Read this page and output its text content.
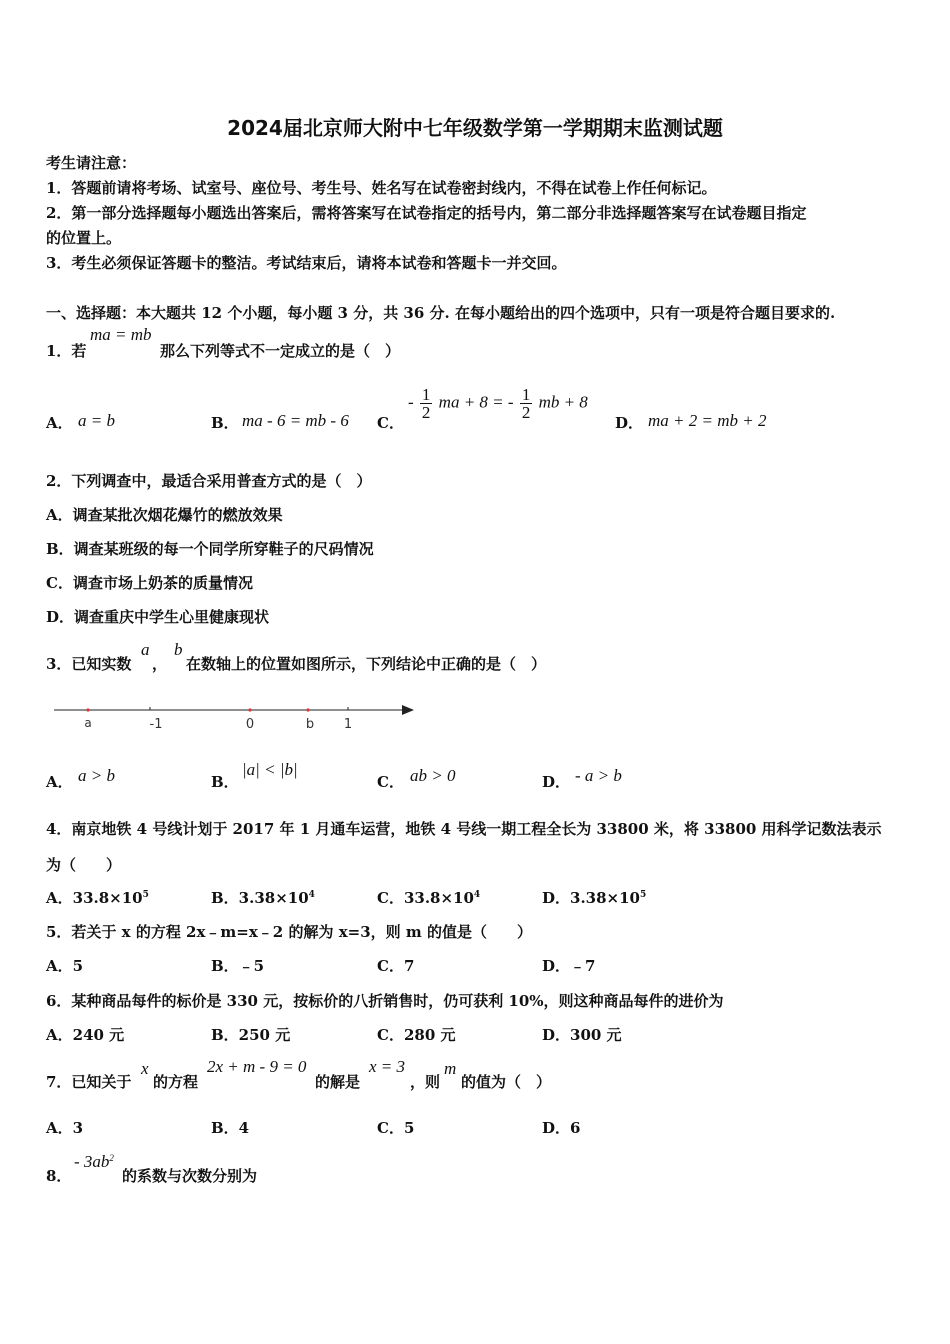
2024届北京师大附中七年级数学第一学期期末监测试题
考生请注意：
1．答题前请将考场、试室号、座位号、考生号、姓名写在试卷密封线内，不得在试卷上作任何标记。
2．第一部分选择题每小题选出答案后，需将答案写在试卷指定的括号内，第二部分非选择题答案写在试卷题目指定
的位置上。
3．考生必须保证答题卡的整洁。考试结束后，请将本试卷和答题卡一并交回。
一、选择题：本大题共 12 个小题，每小题 3 分，共 36 分. 在每小题给出的四个选项中，只有一项是符合题目要求的.
1．若
ma = mb
那么下列等式不一定成立的是（　）
A． a = b	B． ma - 6 = mb - 6 C．
- $\frac{1}{2}$ ma + 8 = - $\frac{1}{2}$ mb + 8
D． ma + 2 = mb + 2
2．下列调查中，最适合采用普查方式的是（　）
A．调查某批次烟花爆竹的燃放效果
B．调查某班级的每一个同学所穿鞋子的尺码情况
C．调查市场上奶茶的质量情况
D．调查重庆中学生心里健康现状
3．已知实数
a
，
b
在数轴上的位置如图所示，下列结论中正确的是（　）
a	-1	0	b 1
A． a > b	B．
|a| < |b|
C． ab > 0	D． - a > b
4．南京地铁 4 号线计划于 2017 年 1 月通车运营，地铁 4 号线一期工程全长为 33800 米，将 33800 用科学记数法表示
为（　　）
A．$33.8\times 10^5$	B．$3.38\times 10^4$	C．$33.8\times 10^4$	D．$3.38\times 10^5$
5．若关于 x 的方程 2x﹣m=x﹣2 的解为 x=3，则 m 的值是（　　）
A．5	B．﹣5	C．7	D．﹣7
6．某种商品每件的标价是 330 元，按标价的八折销售时，仍可获利 10%，则这种商品每件的进价为
A．240 元	B．250 元	C．280 元	D．300 元
7．已知关于
x
的方程
2x + m - 9 = 0
的解是
x = 3
，则
m
的值为（　）
A．3	B．4	C．5	D．6
8．
- $3ab^2$
的系数与次数分别为
